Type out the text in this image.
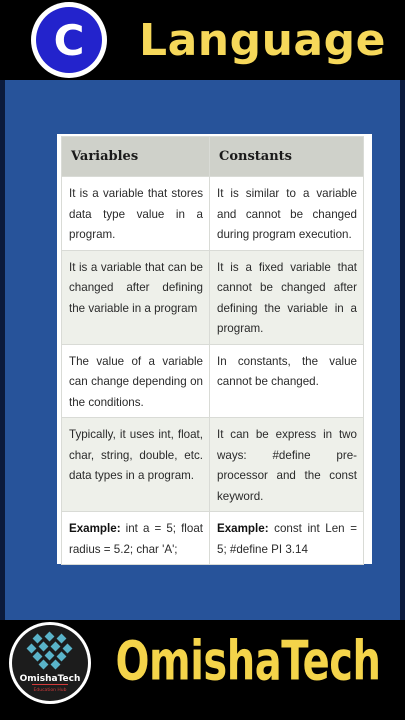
C	Language
Variables	Constants
It is a variable that stores data type value in a program.	It is similar to a variable and cannot be changed during program execution.
It is a variable that can be changed after defining the variable in a program	It is a fixed variable that cannot be changed after defining the variable in a program.
The value of a variable can change depending on the conditions.	In constants, the value cannot be changed.
Typically, it uses int, float, char, string, double, etc. data types in a program.	It can be express in two ways: #define pre-processor and the const keyword.
Example: int a = 5; float radius = 5.2; char 'A';	Example: const int Len = 5; #define PI 3.14
OmishaTech
Education Hub	OmishaTech
